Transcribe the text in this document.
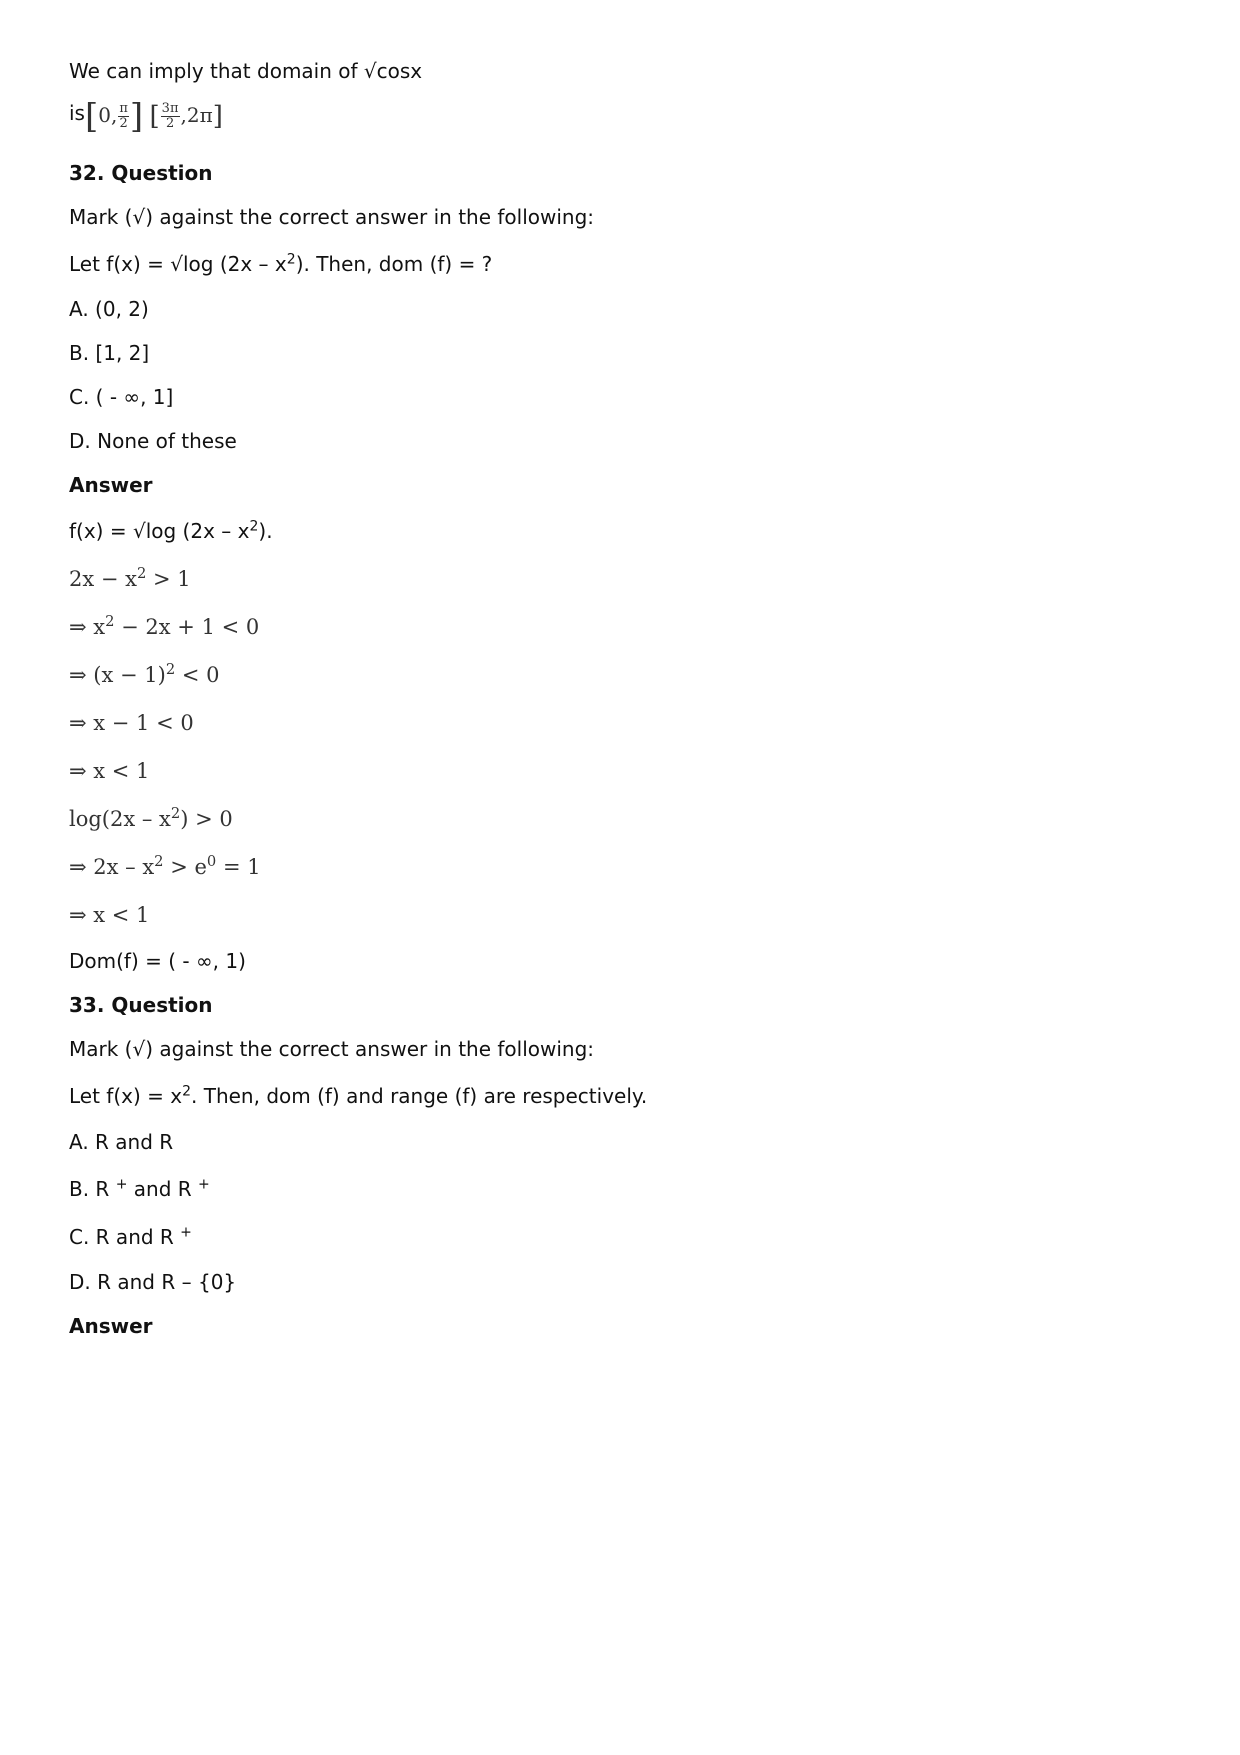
We can imply that domain of √cosx

is[0, $\frac{\pi}{2}$ ] [ $\frac{3\pi}{2} ,2\pi$]

32. Question

Mark (√) against the correct answer in the following:

Let f(x) = √log $(2x - x^2)$. Then, dom (f) = ?

A. (0, 2)

B. [1, 2]

C. ( - ∞, 1]

D. None of these

Answer

f(x) = √log $(2x - x^2)$.

$2x - x^2 > 1$

⇒ $x^2 - 2x + 1 < 0$

⇒ $(x - 1)^2 < 0$

⇒ x − 1 < 0

⇒ x < 1

$\log(2x - x^2) > 0$

⇒ $2x - x^2 > e^0 = 1$

⇒ x < 1

Dom(f) = ( - ∞, 1)

33. Question

Mark (√) against the correct answer in the following:

Let $f(x) = x^2$. Then, dom (f) and range (f) are respectively.

A. R and R

B. R + and R +

C. R and R +

D. R and R – {0}

Answer
